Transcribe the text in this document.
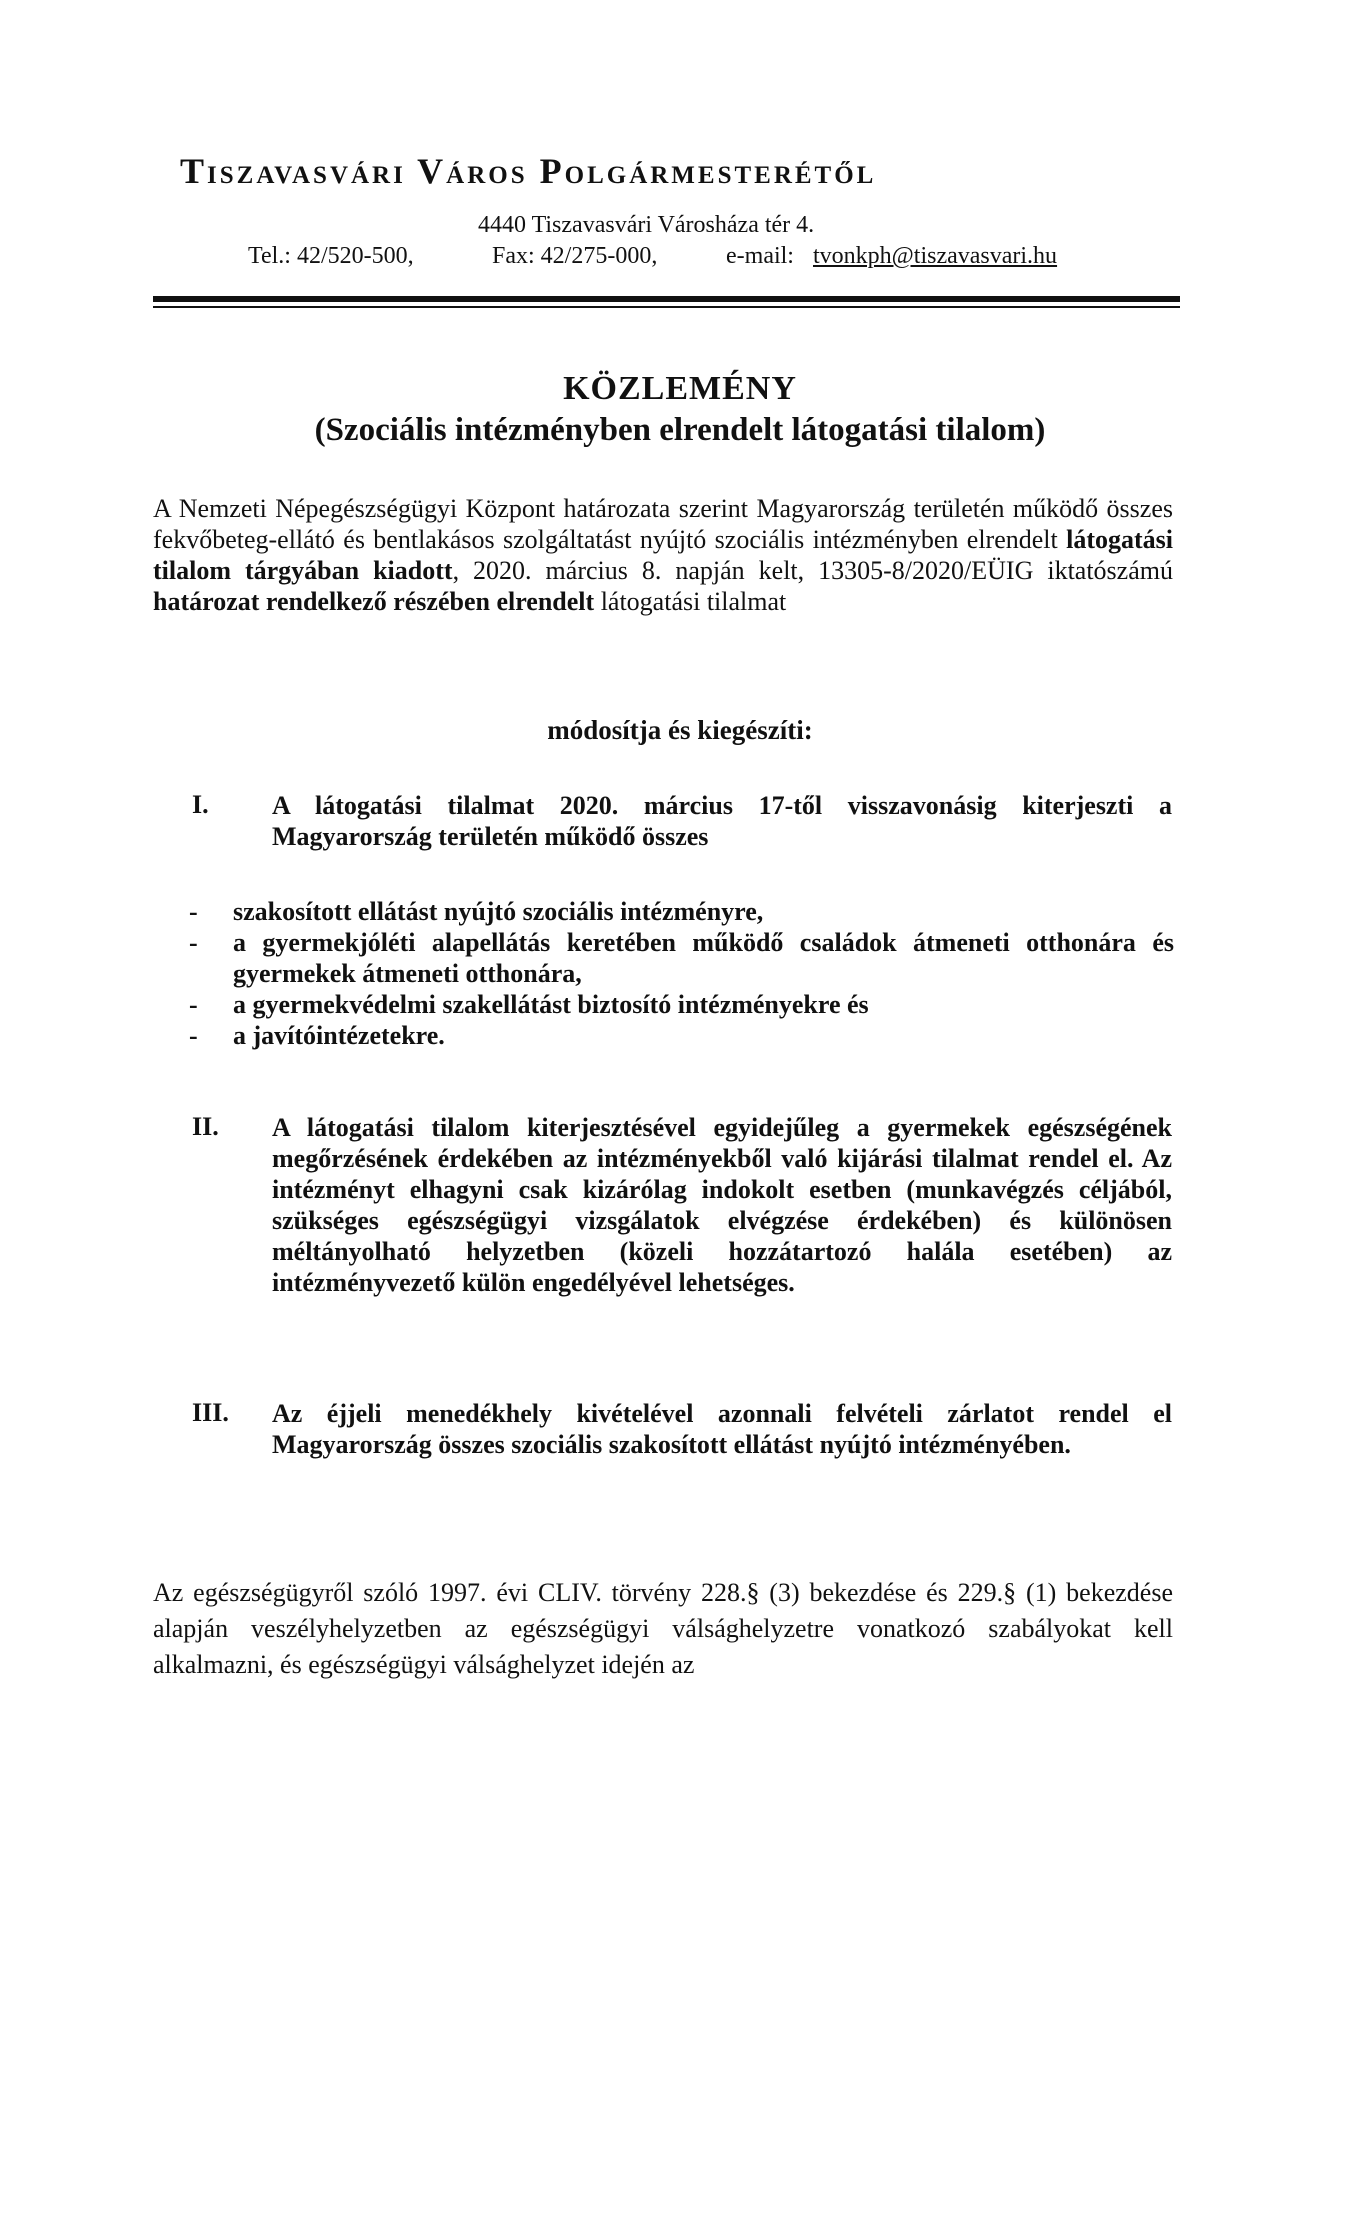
Tiszavasvári Város Polgármesterétől
4440 Tiszavasvári Városháza tér 4.
Tel.: 42/520-500,	Fax: 42/275-000,	e-mail: tvonkph@tiszavasvari.hu
KÖZLEMÉNY
(Szociális intézményben elrendelt látogatási tilalom)
A Nemzeti Népegészségügyi Központ határozata szerint Magyarország területén működő összes fekvőbeteg-ellátó és bentlakásos szolgáltatást nyújtó szociális intézményben elrendelt látogatási tilalom tárgyában kiadott, 2020. március 8. napján kelt, 13305-8/2020/EÜIG iktatószámú határozat rendelkező részében elrendelt látogatási tilalmat
módosítja és kiegészíti:
I. A látogatási tilalmat 2020. március 17-től visszavonásig kiterjeszti a Magyarország területén működő összes
- szakosított ellátást nyújtó szociális intézményre,
- a gyermekjóléti alapellátás keretében működő családok átmeneti otthonára és gyermekek átmeneti otthonára,
- a gyermekvédelmi szakellátást biztosító intézményekre és
- a javítóintézetekre.
II. A látogatási tilalom kiterjesztésével egyidejűleg a gyermekek egészségének megőrzésének érdekében az intézményekből való kijárási tilalmat rendel el. Az intézményt elhagyni csak kizárólag indokolt esetben (munkavégzés céljából, szükséges egészségügyi vizsgálatok elvégzése érdekében) és különösen méltányolható helyzetben (közeli hozzátartozó halála esetében) az intézményvezető külön engedélyével lehetséges.
III. Az éjjeli menedékhely kivételével azonnali felvételi zárlatot rendel el Magyarország összes szociális szakosított ellátást nyújtó intézményében.
Az egészségügyről szóló 1997. évi CLIV. törvény 228.§ (3) bekezdése és 229.§ (1) bekezdése alapján veszélyhelyzetben az egészségügyi válsághelyzetre vonatkozó szabályokat kell alkalmazni, és egészségügyi válsághelyzet idején az
